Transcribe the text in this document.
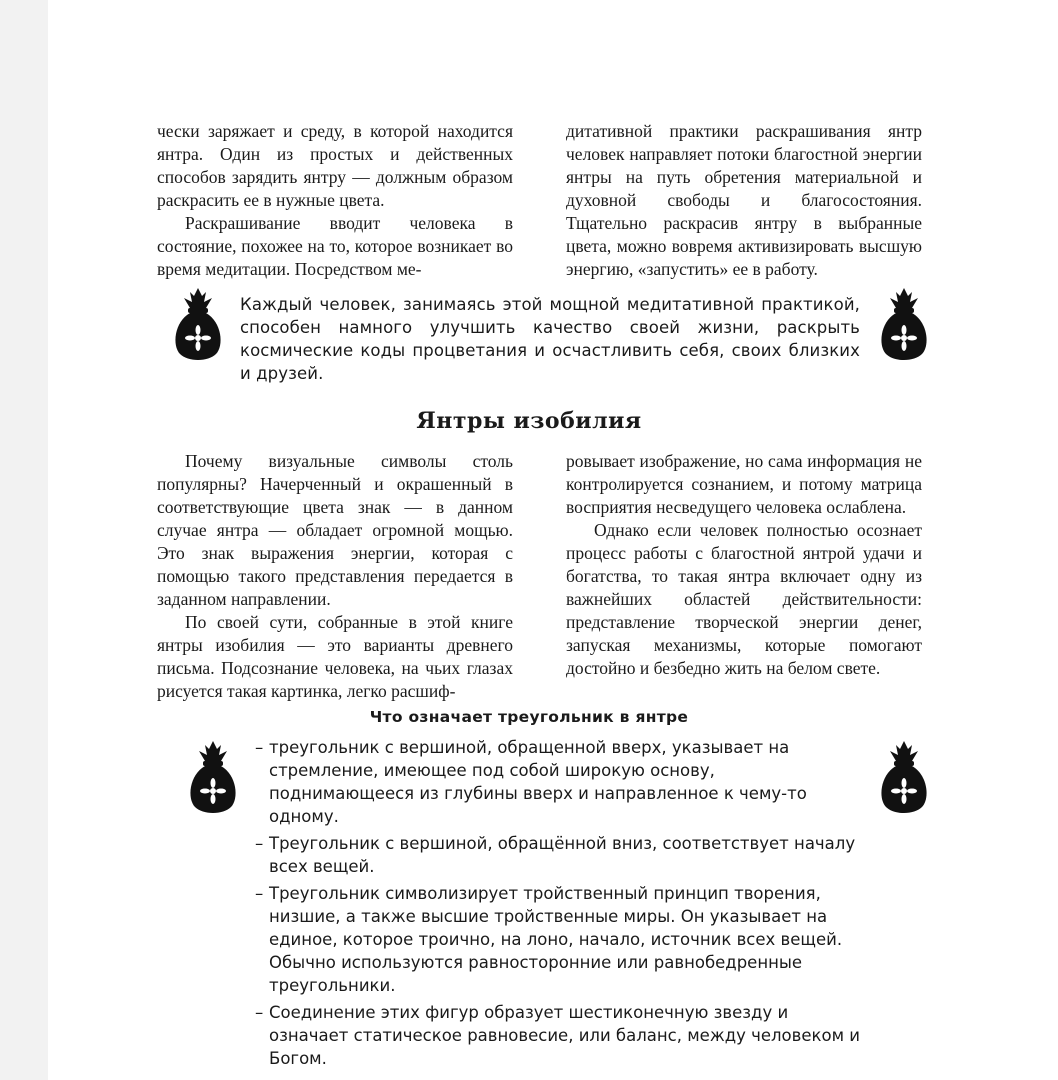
чески заряжает и среду, в которой находится янтра. Один из простых и действенных способов зарядить янтру — должным образом раскрасить ее в нужные цвета.

Раскрашивание вводит человека в состояние, похожее на то, которое возникает во время медитации. Посредством ме-

дитативной практики раскрашивания янтр человек направляет потоки благостной энергии янтры на путь обретения материальной и духовной свободы и благосостояния. Тщательно раскрасив янтру в выбранные цвета, можно вовремя активизировать высшую энергию, «запустить» ее в работу.

Каждый человек, занимаясь этой мощной медитативной практикой, способен намного улучшить качество своей жизни, раскрыть космические коды процветания и осчастливить себя, своих близких и друзей.
Янтры изобилия

Почему визуальные символы столь популярны? Начерченный и окрашенный в соответствующие цвета знак — в данном случае янтра — обладает огромной мощью. Это знак выражения энергии, которая с помощью такого представления передается в заданном направлении.

По своей сути, собранные в этой книге янтры изобилия — это варианты древнего письма. Подсознание человека, на чьих глазах рисуется такая картинка, легко расшиф-

ровывает изображение, но сама информация не контролируется сознанием, и потому матрица восприятия несведущего человека ослаблена.

Однако если человек полностью осознает процесс работы с благостной янтрой удачи и богатства, то такая янтра включает одну из важнейших областей действительности: представление творческой энергии денег, запуская механизмы, которые помогают достойно и безбедно жить на белом свете.

Что означает треугольник в янтре
– треугольник с вершиной, обращенной вверх, указывает на стремление, имеющее под собой широкую основу, поднимающееся из глубины вверх и направленное к чему-то одному.
– Треугольник с вершиной, обращённой вниз, соответствует началу всех вещей.
– Треугольник символизирует тройственный принцип творения, низшие, а также высшие тройственные миры. Он указывает на единое, которое троично, на лоно, начало, источник всех вещей. Обычно используются равносторонние или равнобедренные треугольники.
– Соединение этих фигур образует шестиконечную звезду и означает статическое равновесие, или баланс, между человеком и Богом.
